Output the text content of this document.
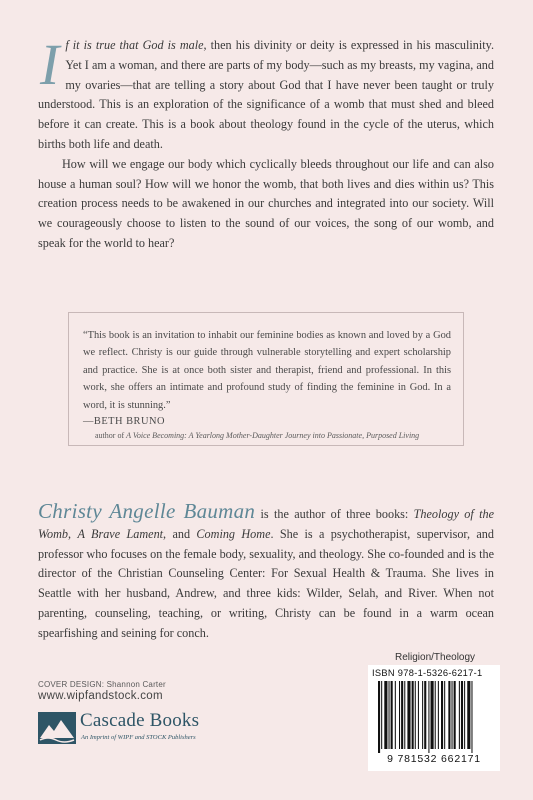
I f it is true that God is male, then his divinity or deity is expressed in his masculinity. Yet I am a woman, and there are parts of my body—such as my breasts, my vagina, and my ovaries—that are telling a story about God that I have never been taught or truly understood. This is an exploration of the significance of a womb that must shed and bleed before it can create. This is a book about theology found in the cycle of the uterus, which births both life and death.

How will we engage our body which cyclically bleeds throughout our life and can also house a human soul? How will we honor the womb, that both lives and dies within us? This creation process needs to be awakened in our churches and integrated into our society. Will we courageously choose to listen to the sound of our voices, the song of our womb, and speak for the world to hear?

“This book is an invitation to inhabit our feminine bodies as known and loved by a God we reflect. Christy is our guide through vulnerable storytelling and expert scholarship and practice. She is at once both sister and therapist, friend and professional. In this work, she offers an intimate and profound study of finding the feminine in God. In a word, it is stunning.”

—BETH BRUNO
author of A Voice Becoming: A Yearlong Mother-Daughter Journey into Passionate, Purposed Living

Christy Angelle Bauman is the author of three books: Theology of the Womb, A Brave Lament, and Coming Home. She is a psychotherapist, supervisor, and professor who focuses on the female body, sexuality, and theology. She co-founded and is the director of the Christian Counseling Center: For Sexual Health & Trauma. She lives in Seattle with her husband, Andrew, and three kids: Wilder, Selah, and River. When not parenting, counseling, teaching, or writing, Christy can be found in a warm ocean spearfishing and seining for conch.

COVER DESIGN: Shannon Carter
www.wipfandstock.com
Cascade Books
An Imprint of WIPF and STOCK Publishers
Religion/Theology
ISBN 978-1-5326-6217-1
9 781532 662171
